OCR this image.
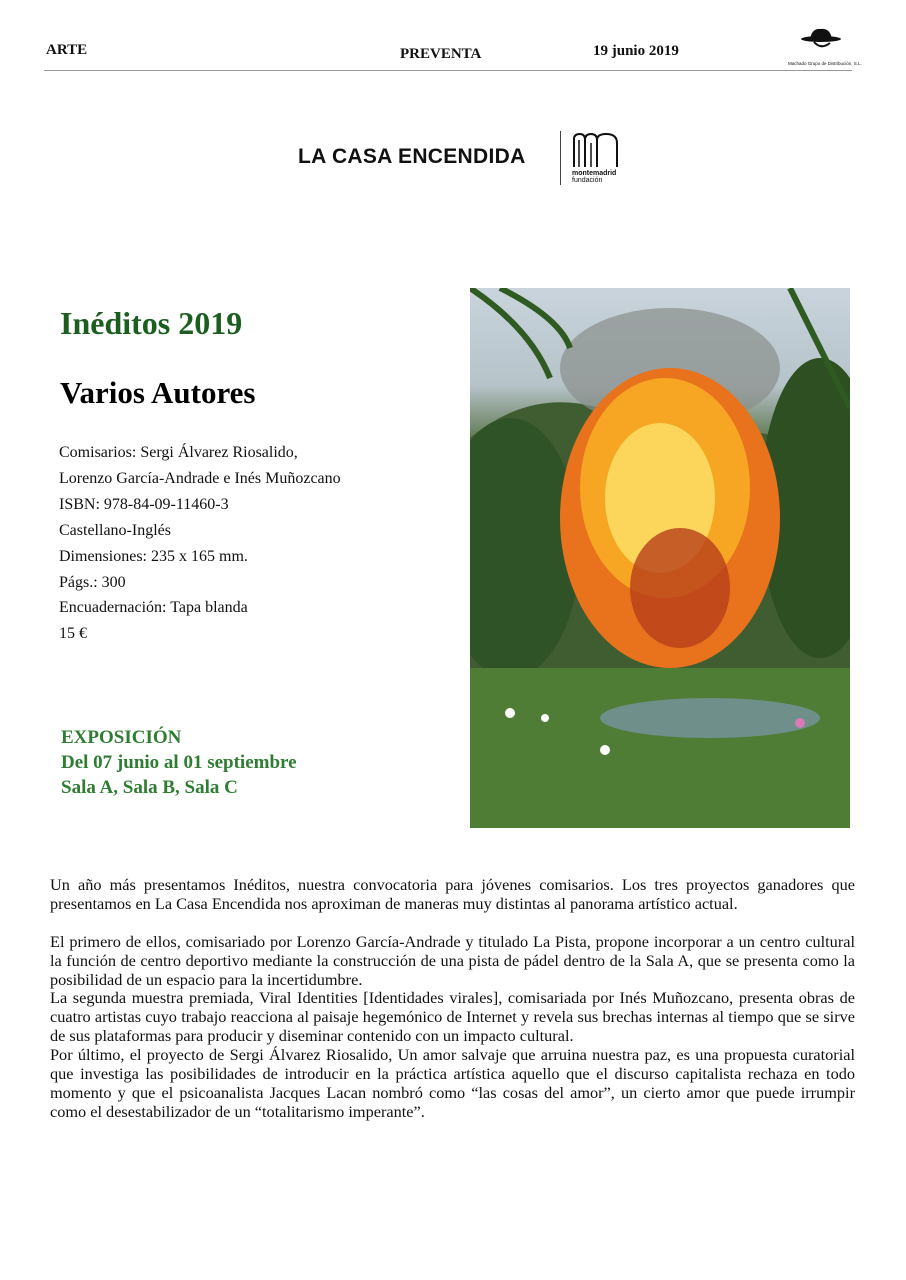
ARTE	PREVENTA	19 junio 2019
Machado Grupo de Distribución, S.L.
LA CASA ENCENDIDA
montemadrid
fundación
Inéditos 2019
Varios Autores
Comisarios: Sergi Álvarez Riosalido,
Lorenzo García-Andrade e Inés Muñozcano
ISBN: 978-84-09-11460-3
Castellano-Inglés
Dimensiones: 235 x 165 mm.
Págs.: 300
Encuadernación: Tapa blanda
15 €
EXPOSICIÓN
Del 07 junio al 01 septiembre
Sala A, Sala B, Sala C

Un año más presentamos Inéditos, nuestra convocatoria para jóvenes comisarios. Los tres proyectos ganadores que presentamos en La Casa Encendida nos aproximan de maneras muy distintas al panorama artístico actual.

El primero de ellos, comisariado por Lorenzo García-Andrade y titulado La Pista, propone incorporar a un centro cultural la función de centro deportivo mediante la construcción de una pista de pádel dentro de la Sala A, que se presenta como la posibilidad de un espacio para la incertidumbre.

La segunda muestra premiada, Viral Identities [Identidades virales], comisariada por Inés Muñozcano, presenta obras de cuatro artistas cuyo trabajo reacciona al paisaje hegemónico de Internet y revela sus brechas internas al tiempo que se sirve de sus plataformas para producir y diseminar contenido con un impacto cultural.

Por último, el proyecto de Sergi Álvarez Riosalido, Un amor salvaje que arruina nuestra paz, es una propuesta curatorial que investiga las posibilidades de introducir en la práctica artística aquello que el discurso capitalista rechaza en todo momento y que el psicoanalista Jacques Lacan nombró como “las cosas del amor”, un cierto amor que puede irrumpir como el desestabilizador de un “totalitarismo imperante”.
